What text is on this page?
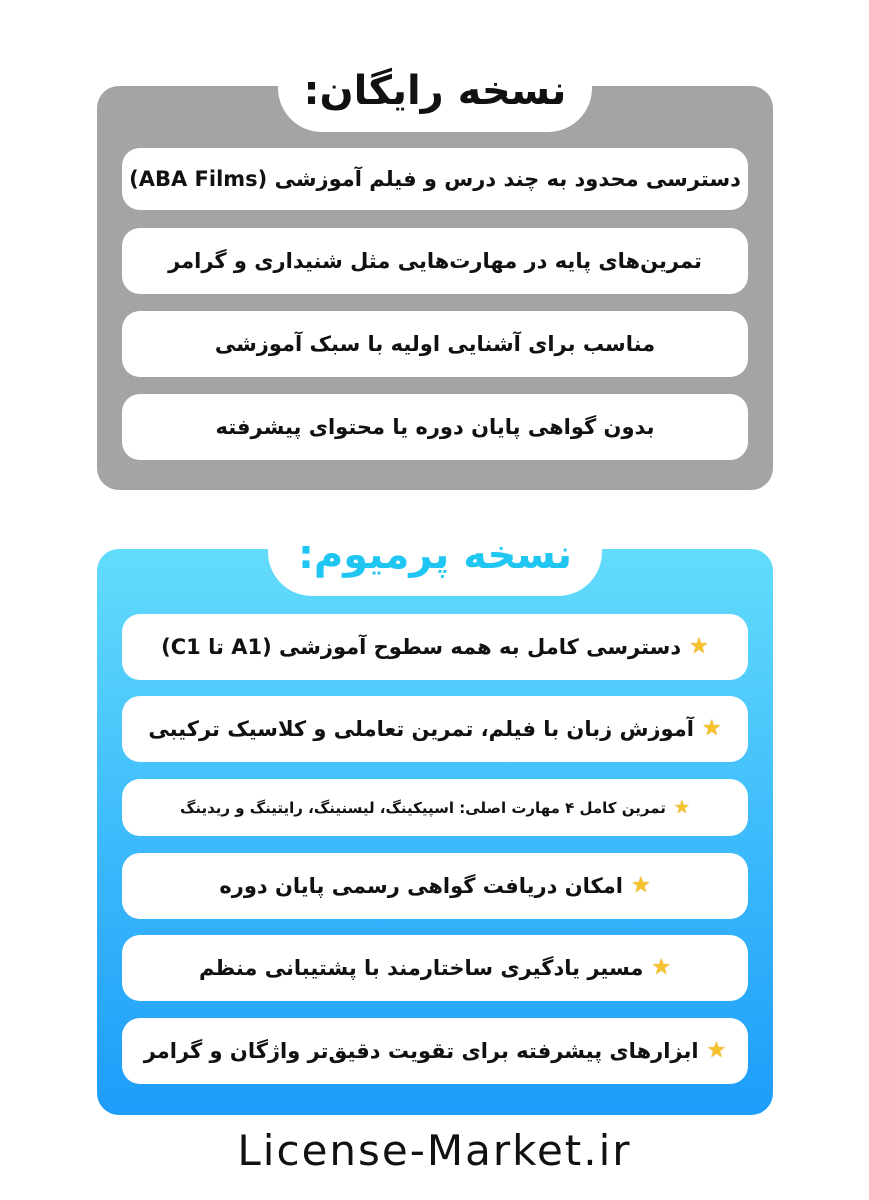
نسخه رایگان:
دسترسی محدود به چند درس و فیلم آموزشی (ABA Films)
تمرین‌های پایه در مهارت‌هایی مثل شنیداری و گرامر
مناسب برای آشنایی اولیه با سبک آموزشی
بدون گواهی پایان دوره یا محتوای پیشرفته
نسخه پرمیوم:
★
دسترسی کامل به همه سطوح آموزشی (A1 تا C1)
★
آموزش زبان با فیلم، تمرین تعاملی و کلاسیک ترکیبی
★
تمرین کامل ۴ مهارت اصلی: اسپیکینگ، لیسنینگ، رایتینگ و ریدینگ
★
امکان دریافت گواهی رسمی پایان دوره
★
مسیر یادگیری ساختارمند با پشتیبانی منظم
★
ابزارهای پیشرفته برای تقویت دقیق‌تر واژگان و گرامر
License-Market.ir
